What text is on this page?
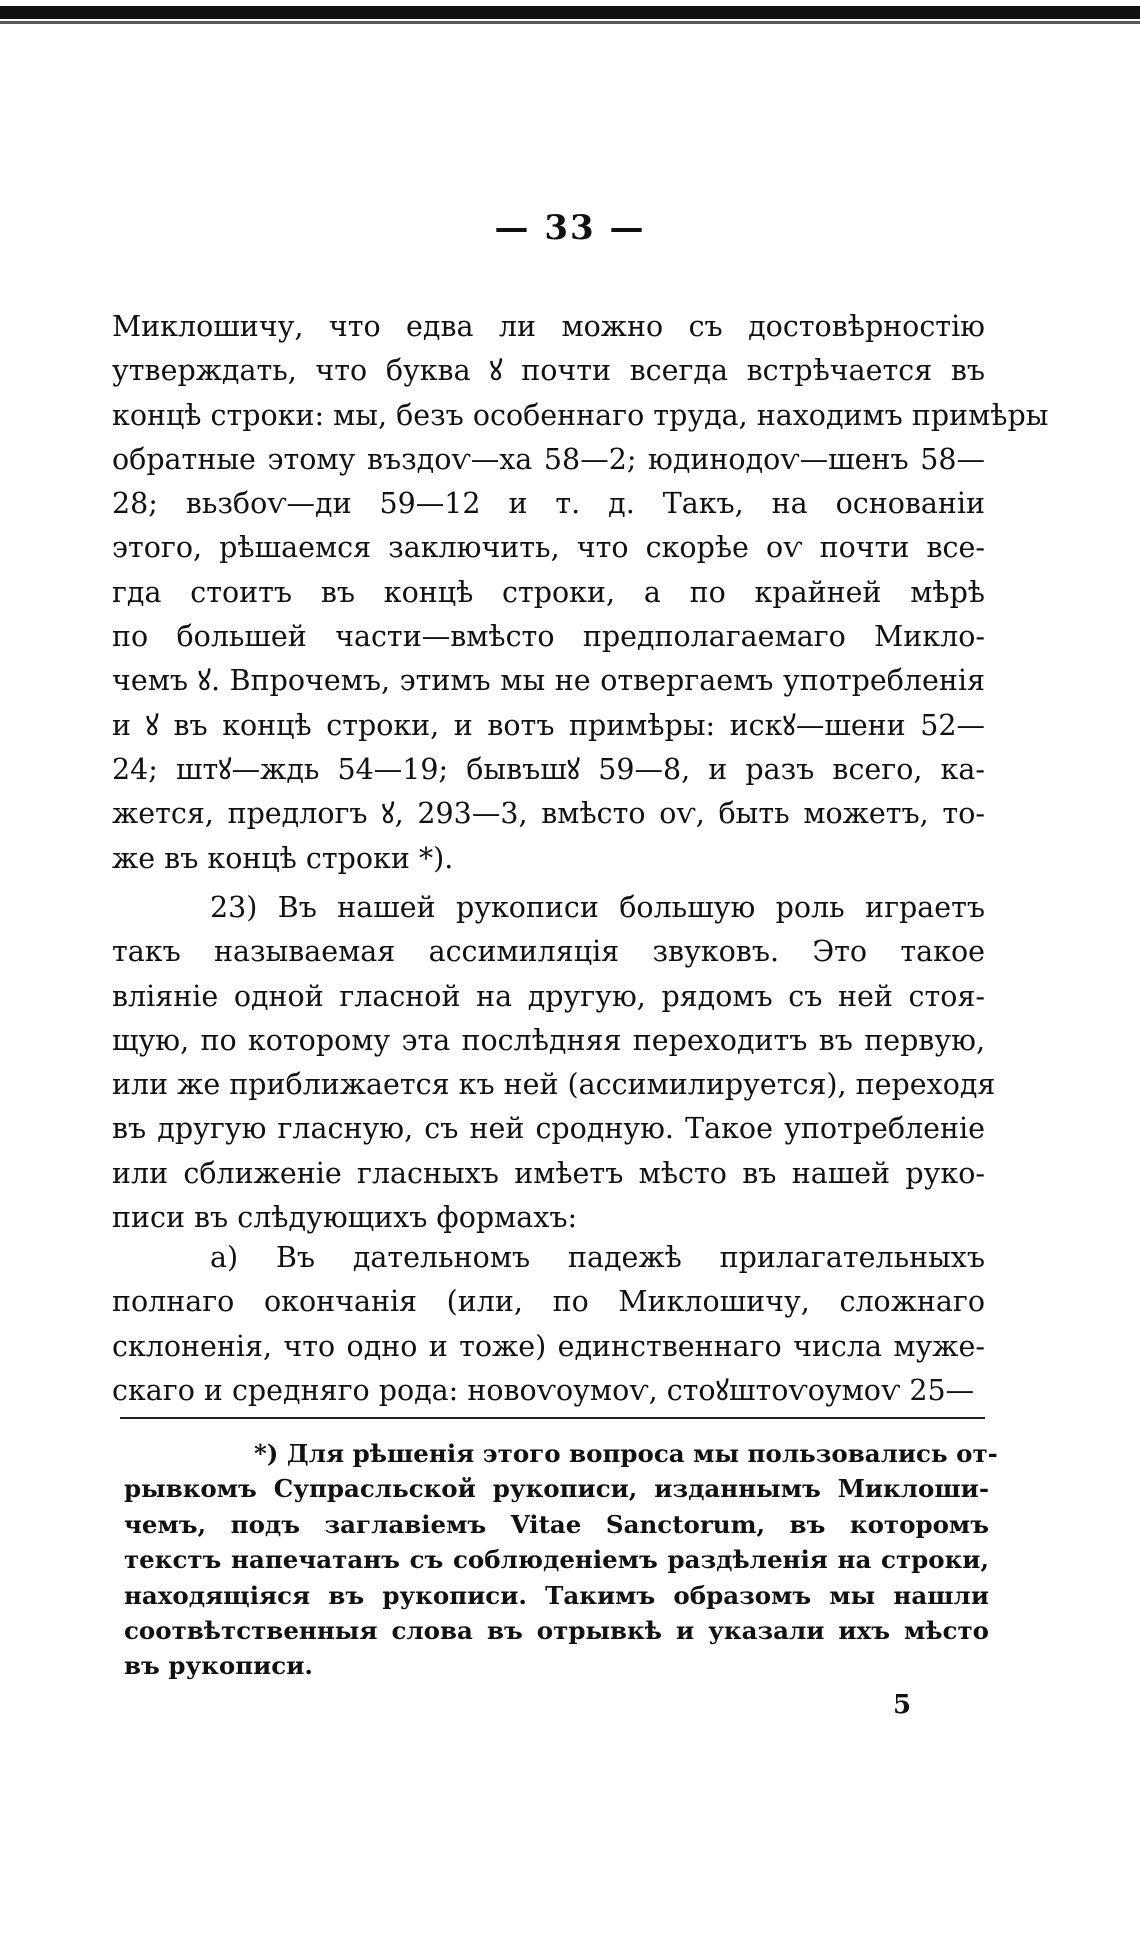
— 33 —
Миклошичу, что едва ли можно съ достовѣрностію
утверждать, что буква ꙋ почти всегда встрѣчается въ
концѣ строки: мы, безъ особеннаго труда, нaходимъ примѣры
обратные этому въздоѵ—ха 58—2; юдинодоѵ—шенъ 58—
28; вьзбоѵ—ди 59—12 и т. д. Такъ, на основаніи
этого, рѣшаемся заключить, что скорѣе оѵ почти все-
гда стоитъ въ концѣ строки, а по крайней мѣрѣ
по большей части—вмѣсто предполагаемаго Миклo-
чемъ ꙋ. Впрочемъ, этимъ мы не отвергаемъ употребленія
и ꙋ въ концѣ строки, и вотъ примѣры: искꙋ—шени 52—
24; штꙋ—ждь 54—19; бывъшꙋ 59—8, и разъ всего, ка-
жется, предлогъ ꙋ, 293—3, вмѣсто оѵ, быть можетъ, то-
же въ концѣ строки *).
23) Въ нашей рукописи большую роль играетъ
такъ называемая ассимиляція звуковъ. Это такое
вліяніе одной гласной на другую, рядомъ съ ней стоя-
щую, по которому эта послѣдняя переходитъ въ первую,
или же приближается къ ней (ассимилируется), переходя
въ другую гласную, съ ней сродную. Такое употребленіе
или сближеніе гласныхъ имѣетъ мѣсто въ нашей руко-
писи въ слѣдующихъ формахъ:
а) Въ дательномъ падежѣ прилагательныхъ
полнаго окончанія (или, по Миклошичу, сложнаго
склоненія, что одно и тоже) единственнаго числа муже-
скаго и средняго рода: новоѵоумоѵ, стоꙋштоѵоумоѵ 25—
*) Для рѣшенія этого вопроса мы пользовались от-
рывкомъ Супрасльской рукописи, изданнымъ Миклоши-
чемъ, подъ заглавіемъ Vitae Sanctorum, въ которомъ
текстъ напечатанъ съ соблюденіемъ раздѣленія на строки,
находящіяся въ рукописи. Такимъ образомъ мы нашли
соотвѣтственныя слова въ отрывкѣ и указали ихъ мѣсто
въ рукописи.
5
